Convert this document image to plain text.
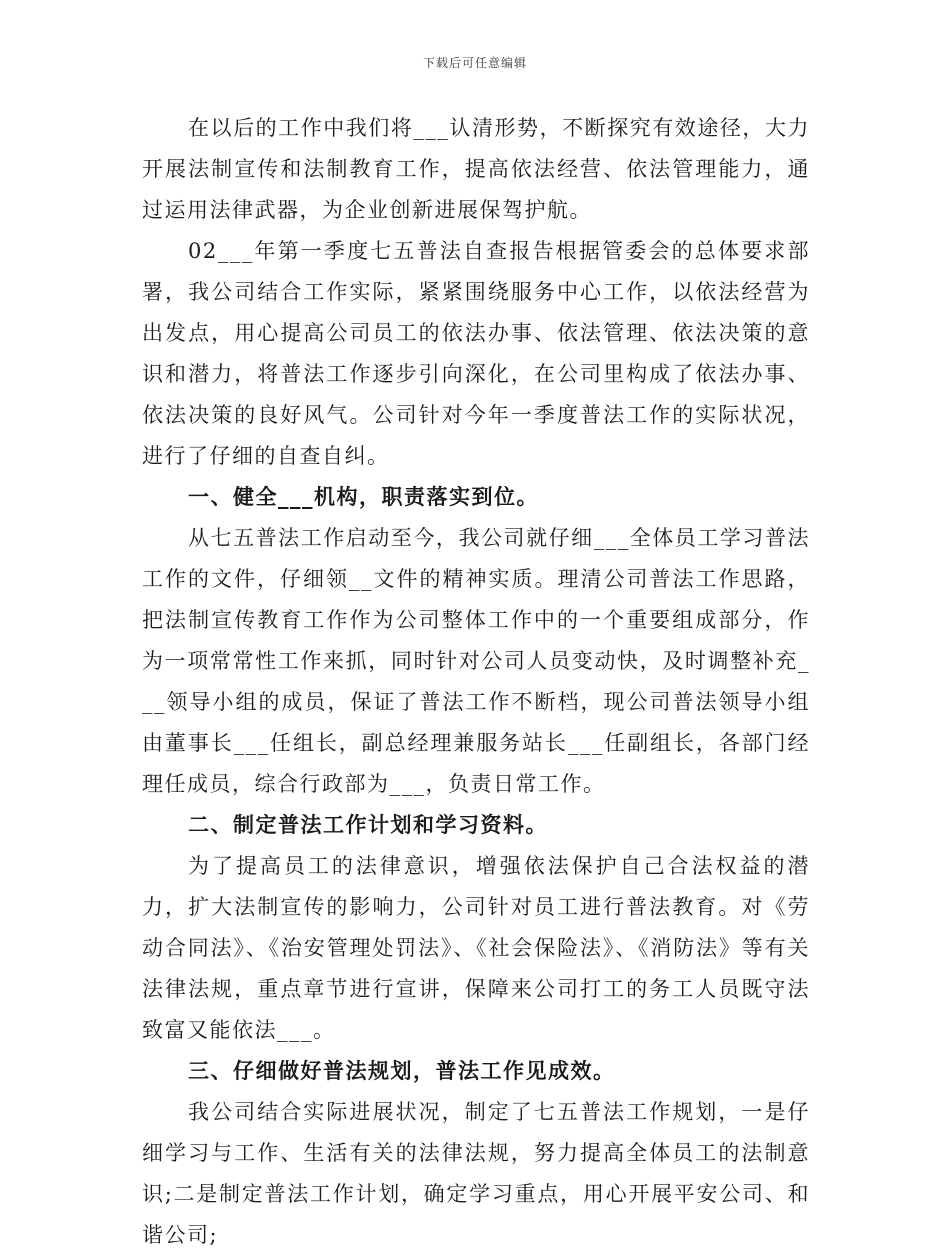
下载后可任意编辑

在以后的工作中我们将___认清形势，不断探究有效途径，大力开展法制宣传和法制教育工作，提高依法经营、依法管理能力，通过运用法律武器，为企业创新进展保驾护航。

02___年第一季度七五普法自查报告根据管委会的总体要求部署，我公司结合工作实际，紧紧围绕服务中心工作，以依法经营为出发点，用心提高公司员工的依法办事、依法管理、依法决策的意识和潜力，将普法工作逐步引向深化，在公司里构成了依法办事、依法决策的良好风气。公司针对今年一季度普法工作的实际状况，进行了仔细的自查自纠。

一、健全___机构，职责落实到位。

从七五普法工作启动至今，我公司就仔细___全体员工学习普法工作的文件，仔细领__文件的精神实质。理清公司普法工作思路，把法制宣传教育工作作为公司整体工作中的一个重要组成部分，作为一项常常性工作来抓，同时针对公司人员变动快，及时调整补充___领导小组的成员，保证了普法工作不断档，现公司普法领导小组由董事长___任组长，副总经理兼服务站长___任副组长，各部门经理任成员，综合行政部为___，负责日常工作。

二、制定普法工作计划和学习资料。

为了提高员工的法律意识，增强依法保护自己合法权益的潜力，扩大法制宣传的影响力，公司针对员工进行普法教育。对《劳动合同法》、《治安管理处罚法》、《社会保险法》、《消防法》等有关法律法规，重点章节进行宣讲，保障来公司打工的务工人员既守法致富又能依法___。

三、仔细做好普法规划，普法工作见成效。

我公司结合实际进展状况，制定了七五普法工作规划，一是仔细学习与工作、生活有关的法律法规，努力提高全体员工的法制意识;二是制定普法工作计划，确定学习重点，用心开展平安公司、和谐公司;
